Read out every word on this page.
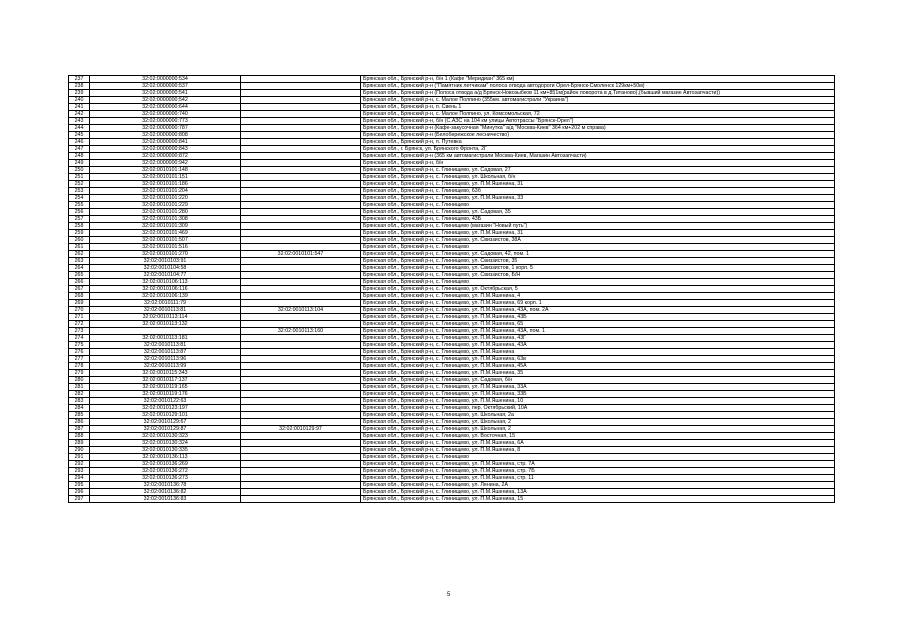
237	32:02:0000000:534		Брянская обл., Брянский р-н, б/н 1 (Кафе "Меридиан" 365 км)
238	32:02:0000000:537		Брянская обл., Брянский р-н ("Памятник летчикам" полоса отвода автодороги Орел-Брянск-Смоленск 129км+50м)
239	32:02:0000000:541		Брянская обл., Брянский р-н (Полоса отвода а/д Брянск-Новозыбков 11 км+851м(район поворота в д.Титаново),(бывший магазин Автозапчасти))
240	32:02:0000000:542		Брянская обл., Брянский р-н, с. Малое Полпино (355км. автомагистрали "Украина")
241	32:02:0000000:644		Брянская обл., Брянский р-н, п. Свень 1
242	32:02:0000000:740		Брянская обл., Брянский р-н, с. Малое Полпино, ул. Комсомольская, 72
243	32:02:0000000:773		Брянская обл., Брянский р-н, б/н (С.АЗС на 104 км улицы Автотрассы "Брянск-Орел")
244	32:02:0000000:787		Брянская обл., Брянский р-н (Кафе-закусочная "Минутка" а/д "Москва-Киев" 364 км+202 м справа)
245	32:02:0000000:808		Брянская обл., Брянский р-н (Белобережское лесничество)
246	32:02:0000000:841		Брянская обл., Брянский р-н, п. Путевка
247	32:02:0000000:843		Брянская обл., г. Брянск, ул. Брянского Фронта, 2Г
248	32:02:0000000:872		Брянская обл., Брянский р-н (365 км автомагистрали Москва-Киев, Магазин Автозапчасти)
249	32:02:0000000:942		Брянская обл., Брянский р-н, б/н
250	32:02:0010101:148		Брянская обл., Брянский р-н, с. Глинищево, ул. Садовая, 27
251	32:02:0010101:151		Брянская обл., Брянский р-н, с. Глинищево, ул. Школьная, б/н
252	32:02:0010101:186		Брянская обл., Брянский р-н, с. Глинищево, ул. П.М.Яшенина, 31
253	32:02:0010101:204		Брянская обл., Брянский р-н, с. Глинищево, 63б
254	32:02:0010101:220		Брянская обл., Брянский р-н, с. Глинищево, ул. П.М.Яшенина, 33
255	32:02:0010101:229		Брянская обл., Брянский р-н, с. Глинищево
256	32:02:0010101:280		Брянская обл., Брянский р-н, с. Глинищево, ул. Садовая, 35
257	32:02:0010101:308		Брянская обл., Брянский р-н, с. Глинищево, 43Б
258	32:02:0010101:309		Брянская обл., Брянский р-н, с. Глинищево (магазин "Новый путь")
259	32:02:0010101:469		Брянская обл., Брянский р-н, с. Глинищево, ул. П.М.Яшенина, 31
260	32:02:0010101:507		Брянская обл., Брянский р-н, с. Глинищево, ул. Свиззистов, 38А
261	32:02:0010101:516		Брянская обл., Брянский р-н, с. Глинищево
262	32:02:0010101:270	32:02:0010101:547	Брянская обл., Брянский р-н, с. Глинищево, ул. Садовая, 42, пом. 1
263	32:02:0010103:91		Брянская обл., Брянский р-н, с. Глинищево, ул. Свиззистов, 35
264	32:02:0010104:58		Брянская обл., Брянский р-н, с. Глинищево, ул. Свиззистов, 1 корп. 5
265	32:02:0010104:77		Брянская обл., Брянский р-н, с. Глинищево, ул. Свиззистов, Б/Н
266	32:02:0010106:113		Брянская обл., Брянский р-н, с. Глинищево
267	32:02:0010106:116		Брянская обл., Брянский р-н, с. Глинищево, ул. Октябрьская, 5
268	32:02:0010106:139		Брянская обл., Брянский р-н, с. Глинищево, ул. П.М.Яшенина, 4
269	32:02:0010111:79		Брянская обл., Брянский р-н, с. Глинищево, ул. П.М.Яшенина, 69 корп. 1
270	32:02:0010113:81	32:02:0010113:104	Брянская обл., Брянский р-н, с. Глинищево, ул. П.М.Яшенина, 43А, пом. 2А
271	32:02:0010113:114		Брянская обл., Брянский р-н, с. Глинищево, ул. П.М.Яшенина, 43Б
272	32:02:0010113:132		Брянская обл., Брянский р-н, с. Глинищево, ул. П.М.Яшенина, 65
273		32:02:0010113:160	Брянская обл., Брянский р-н, с. Глинищево, ул. П.М.Яшенина, 43А, пом. 1
274	32:02:0010113:181		Брянская обл., Брянский р-н, с. Глинищево, ул. П.М.Яшенина, 43Г
275	32:02:0010113:81		Брянская обл., Брянский р-н, с. Глинищево, ул. П.М.Яшенина, 43А
276	32:02:0010113:87		Брянская обл., Брянский р-н, с. Глинищево, ул. П.М.Яшенина
277	32:02:0010113:96		Брянская обл., Брянский р-н, с. Глинищево, ул. П.М.Яшенина, 63в
278	32:02:0010113:99		Брянская обл., Брянский р-н, с. Глинищево, ул. П.М.Яшенина, 45А
279	32:02:0010115:343		Брянская обл., Брянский р-н, с. Глинищево, ул. П.М.Яшенина, 35
280	32:02:0010117:137		Брянская обл., Брянский р-н, с. Глинищево, ул. Садовая, б/н
281	32:02:0010119:165		Брянская обл., Брянский р-н, с. Глинищево, ул. П.М.Яшенина, 33А
282	32:02:0010119:176		Брянская обл., Брянский р-н, с. Глинищево, ул. П.М.Яшенина, 33Б
283	32:02:0010122:63		Брянская обл., Брянский р-н, с. Глинищево, ул. П.М.Яшенина, 10
284	32:02:0010123:197		Брянская обл., Брянский р-н, с. Глинищево, пер. Октябрьский, 10А
285	32:02:0010129:101		Брянская обл., Брянский р-н, с. Глинищево, ул. Школьная, 2а
286	32:02:0010129:67		Брянская обл., Брянский р-н, с. Глинищево, ул. Школьная, 2
287	32:02:0010129:87	32:02:0010129:97	Брянская обл., Брянский р-н, с. Глинищево, ул. Школьная, 2
288	32:02:0010130:323		Брянская обл., Брянский р-н, с. Глинищево, ул. Восточная, 15
289	32:02:0010130:324		Брянская обл., Брянский р-н, с. Глинищево, ул. П.М.Яшенина, 6А
290	32:02:0010130:335		Брянская обл., Брянский р-н, с. Глинищево, ул. П.М.Яшенина, 8
291	32:02:0010136:113		Брянская обл., Брянский р-н, с. Глинищево
292	32:02:0010136:269		Брянская обл., Брянский р-н, с. Глинищево, ул. П.М.Яшенина, стр. 7А
293	32:02:0010136:272		Брянская обл., Брянский р-н, с. Глинищево, ул. П.М.Яшенина, стр. 7Б
294	32:02:0010136:273		Брянская обл., Брянский р-н, с. Глинищево, ул. П.М.Яшенина, стр. 11
295	32:02:0010136:78		Брянская обл., Брянский р-н, с. Глинищево, ул. Ленина, 2А
296	32:02:0010136:82		Брянская обл., Брянский р-н, с. Глинищево, ул. П.М.Яшенина, 13А
297	32:02:0010136:83		Брянская обл., Брянский р-н, с. Глинищево, ул. П.М.Яшенина, 15
5
